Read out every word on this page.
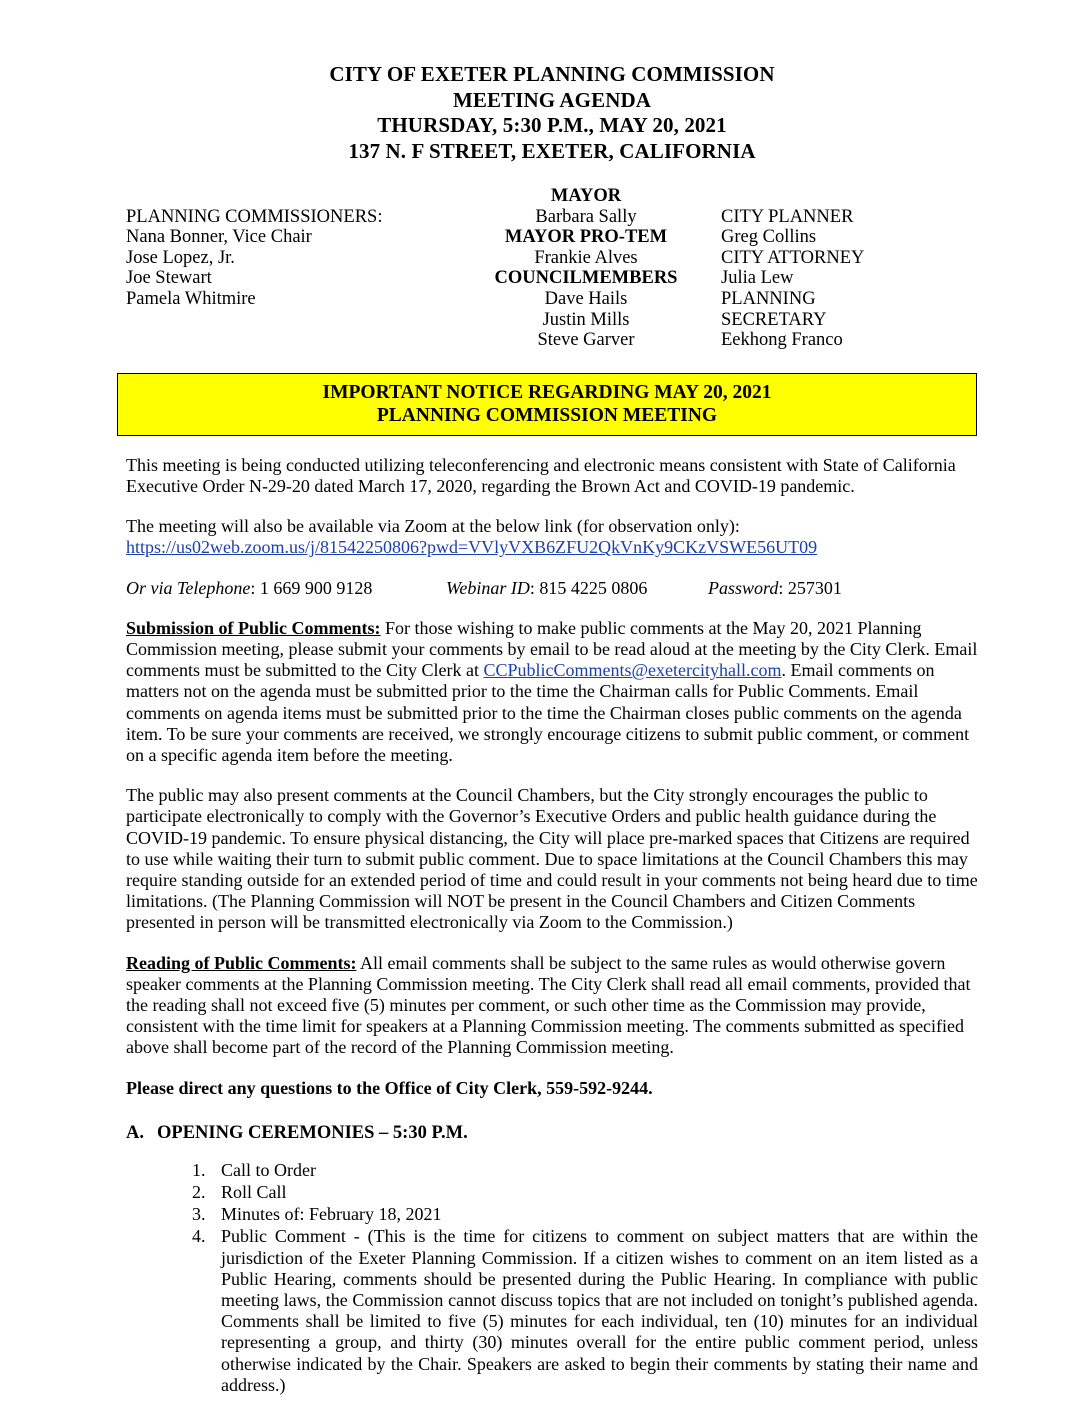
CITY OF EXETER PLANNING COMMISSION
MEETING AGENDA
THURSDAY, 5:30 P.M., MAY 20, 2021
137 N. F STREET, EXETER, CALIFORNIA
PLANNING COMMISSIONERS:
Nana Bonner, Vice Chair
Jose Lopez, Jr.
Joe Stewart
Pamela Whitmire
MAYOR
Barbara Sally
MAYOR PRO-TEM
Frankie Alves
COUNCILMEMBERS
Dave Hails
Justin Mills
Steve Garver
CITY PLANNER
Greg Collins
CITY ATTORNEY
Julia Lew
PLANNING
SECRETARY
Eekhong Franco
IMPORTANT NOTICE REGARDING MAY 20, 2021
PLANNING COMMISSION MEETING

This meeting is being conducted utilizing teleconferencing and electronic means consistent with State of California Executive Order N-29-20 dated March 17, 2020, regarding the Brown Act and COVID-19 pandemic.

The meeting will also be available via Zoom at the below link (for observation only):

https://us02web.zoom.us/j/81542250806?pwd=VVlyVXB6ZFU2QkVnKy9CKzVSWE56UT09

Or via Telephone: 1 669 900 9128	Webinar ID: 815 4225 0806	Password: 257301

Submission of Public Comments: For those wishing to make public comments at the May 20, 2021 Planning Commission meeting, please submit your comments by email to be read aloud at the meeting by the City Clerk. Email comments must be submitted to the City Clerk at CCPublicComments@exetercityhall.com. Email comments on matters not on the agenda must be submitted prior to the time the Chairman calls for Public Comments. Email comments on agenda items must be submitted prior to the time the Chairman closes public comments on the agenda item. To be sure your comments are received, we strongly encourage citizens to submit public comment, or comment on a specific agenda item before the meeting.

The public may also present comments at the Council Chambers, but the City strongly encourages the public to participate electronically to comply with the Governor’s Executive Orders and public health guidance during the COVID-19 pandemic. To ensure physical distancing, the City will place pre-marked spaces that Citizens are required to use while waiting their turn to submit public comment. Due to space limitations at the Council Chambers this may require standing outside for an extended period of time and could result in your comments not being heard due to time limitations. (The Planning Commission will NOT be present in the Council Chambers and Citizen Comments presented in person will be transmitted electronically via Zoom to the Commission.)

Reading of Public Comments: All email comments shall be subject to the same rules as would otherwise govern speaker comments at the Planning Commission meeting. The City Clerk shall read all email comments, provided that the reading shall not exceed five (5) minutes per comment, or such other time as the Commission may provide, consistent with the time limit for speakers at a Planning Commission meeting. The comments submitted as specified above shall become part of the record of the Planning Commission meeting.

Please direct any questions to the Office of City Clerk, 559-592-9244.

A. OPENING CEREMONIES – 5:30 P.M.
1. Call to Order
2. Roll Call
3. Minutes of: February 18, 2021
4. Public Comment - (This is the time for citizens to comment on subject matters that are within the jurisdiction of the Exeter Planning Commission. If a citizen wishes to comment on an item listed as a Public Hearing, comments should be presented during the Public Hearing. In compliance with public meeting laws, the Commission cannot discuss topics that are not included on tonight’s published agenda. Comments shall be limited to five (5) minutes for each individual, ten (10) minutes for an individual representing a group, and thirty (30) minutes overall for the entire public comment period, unless otherwise indicated by the Chair. Speakers are asked to begin their comments by stating their name and address.)
